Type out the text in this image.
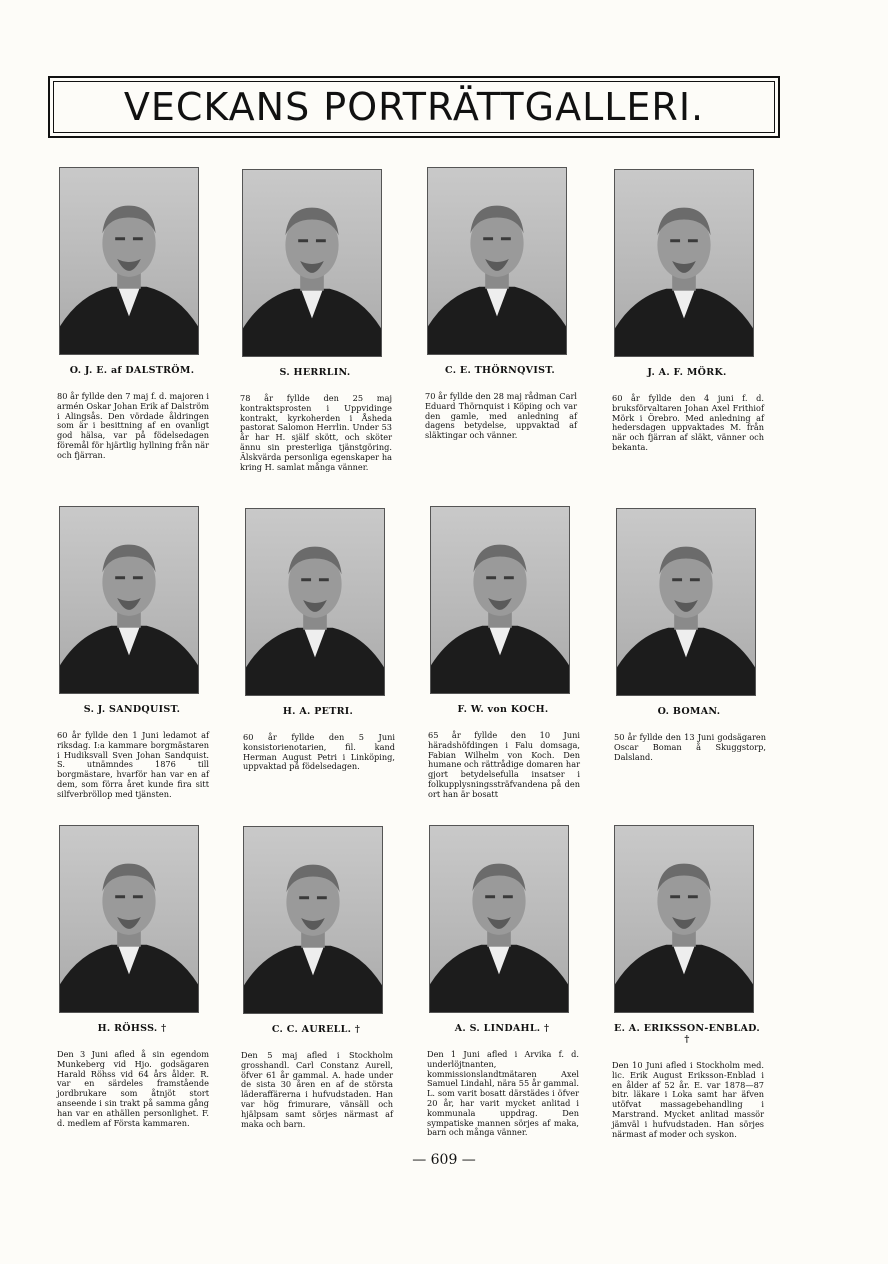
VECKANS PORTRÄTTGALLERI.
O. J. E. af DALSTRÖM.
80 år fyllde den 7 maj f. d. majoren i armén Oskar Johan Erik af Dalström i Alingsås. Den vördade åldringen som är i besittning af en ovanligt god hälsa, var på födelsedagen föremål för hjärtlig hyllning från när och fjärran.
S. HERRLIN.
78 år fyllde den 25 maj kontraktsprosten i Uppvidinge kontrakt, kyrkoherden i Åsheda pastorat Salomon Herrlin. Under 53 år har H. själf skött, och sköter ännu sin presterliga tjänstgöring. Älskvärda personliga egenskaper ha kring H. samlat många vänner.
C. E. THÖRNQVIST.
70 år fyllde den 28 maj rådman Carl Eduard Thörnquist i Köping och var den gamle, med anledning af dagens betydelse, uppvaktad af släktingar och vänner.
J. A. F. MÖRK.
60 år fyllde den 4 juni f. d. bruksförvaltaren Johan Axel Frithiof Mörk i Örebro. Med anledning af hedersdagen uppvaktades M. från när och fjärran af släkt, vänner och bekanta.
S. J. SANDQUIST.
60 år fyllde den 1 Juni ledamot af riksdag. I:a kammare borgmästaren i Hudiksvall Sven Johan Sandquist. S. utnämndes 1876 till borgmästare, hvarför han var en af dem, som förra året kunde fira sitt silfverbröllop med tjänsten.
H. A. PETRI.
60 år fyllde den 5 Juni konsistorienotarien, fil. kand Herman August Petri i Linköping, uppvaktad på födelsedagen.
F. W. von KOCH.
65 år fyllde den 10 Juni häradshöfdingen i Falu domsaga, Fabian Wilhelm von Koch. Den humane och rättrådige domaren har gjort betydelsefulla insatser i folkupplysningssträfvandena på den ort han är bosatt
O. BOMAN.
50 år fyllde den 13 Juni godsägaren Oscar Boman å Skuggstorp, Dalsland.
H. RÖHSS. †
Den 3 Juni afled å sin egendom Munkeberg vid Hjo. godsägaren Harald Röhss vid 64 års ålder. R. var en särdeles framstående jordbrukare som åtnjöt stort anseende i sin trakt på samma gång han var en athällen personlighet. F. d. medlem af Första kammaren.
C. C. AURELL. †
Den 5 maj afled i Stockholm grosshandl. Carl Constanz Aurell, öfver 61 år gammal. A. hade under de sista 30 åren en af de största läderaffärerna i hufvudstaden. Han var hög frimurare, vänsäll och hjälpsam samt sörjes närmast af maka och barn.
A. S. LINDAHL. †
Den 1 Juni afled i Arvika f. d. underlöjtnanten, kommissionslandtmätaren Axel Samuel Lindahl, nära 55 år gammal. L. som varit bosatt därstädes i öfver 20 år, har varit mycket anlitad i kommunala uppdrag. Den sympatiske mannen sörjes af maka, barn och många vänner.
E. A. ERIKSSON-ENBLAD. †
Den 10 Juni afled i Stockholm med. lic. Erik August Eriksson-Enblad i en ålder af 52 år. E. var 1878—87 bitr. läkare i Loka samt har äfven utöfvat massagebehandling i Marstrand. Mycket anlitad massör jämväl i hufvudstaden. Han sörjes närmast af moder och syskon.
— 609 —
